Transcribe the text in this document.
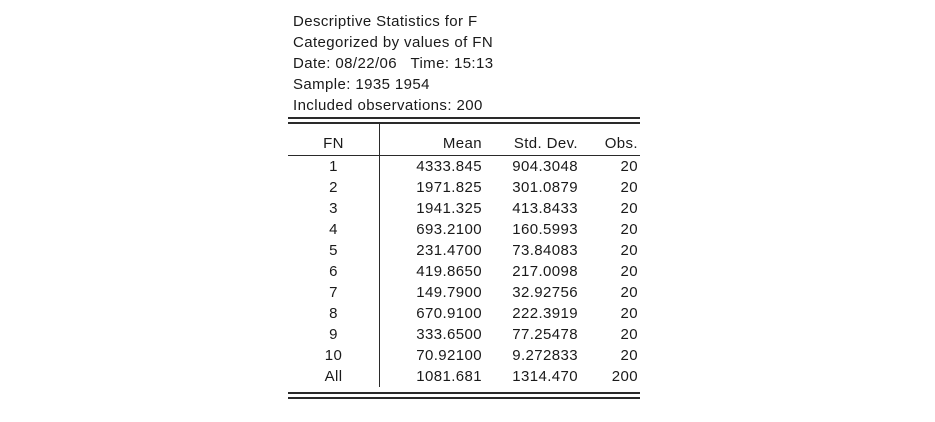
Descriptive Statistics for F
Categorized by values of FN
Date: 08/22/06   Time: 15:13
Sample: 1935 1954
Included observations: 200
FN	Mean	Std. Dev.	Obs.
1	4333.845	904.3048	20
2	1971.825	301.0879	20
3	1941.325	413.8433	20
4	693.2100	160.5993	20
5	231.4700	73.84083	20
6	419.8650	217.0098	20
7	149.7900	32.92756	20
8	670.9100	222.3919	20
9	333.6500	77.25478	20
10	70.92100	9.272833	20
All	1081.681	1314.470	200
